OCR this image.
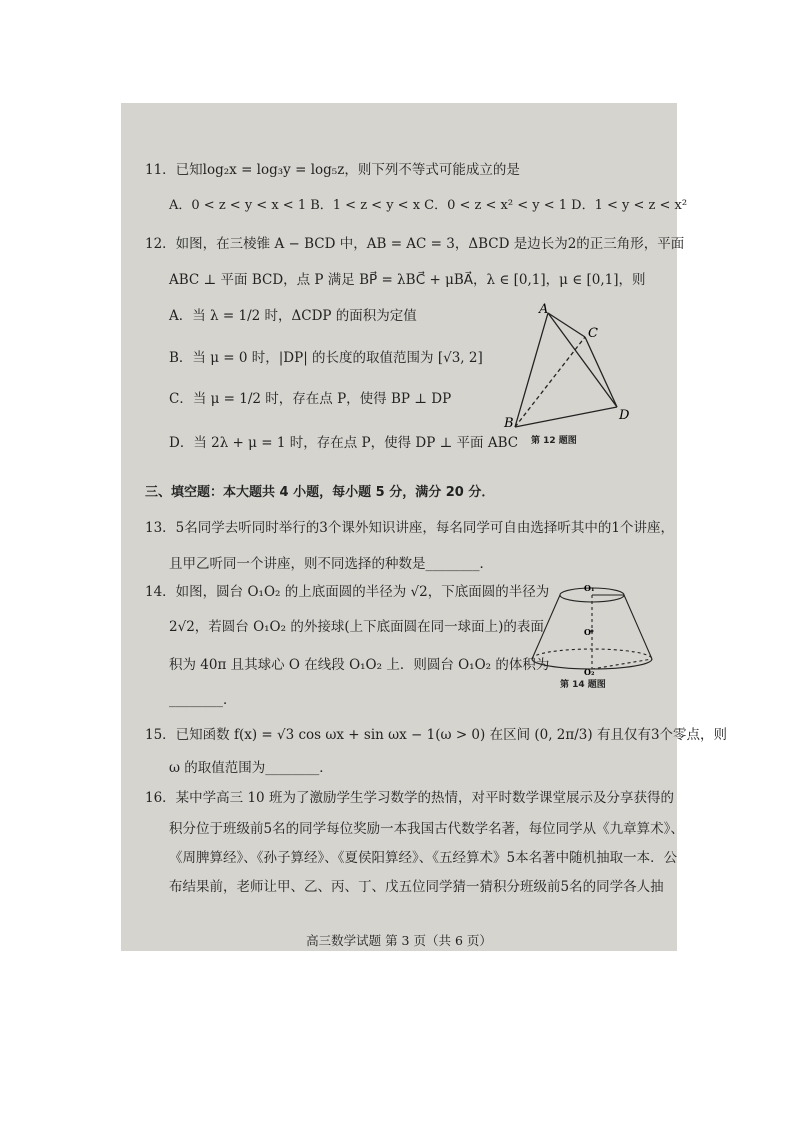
11．已知log₂x = log₃y = log₅z，则下列不等式可能成立的是
A．0 < z < y < x < 1 B．1 < z < y < x C．0 < z < x² < y < 1 D．1 < y < z < x²
12．如图，在三棱锥 A − BCD 中，AB = AC = 3，ΔBCD 是边长为2的正三角形，平面
ABC ⊥ 平面 BCD，点 P 满足 BP⃗ = λBC⃗ + μBA⃗，λ ∈ [0,1]，μ ∈ [0,1]，则
A．当 λ = 1/2 时，ΔCDP 的面积为定值
B．当 μ = 0 时，|DP| 的长度的取值范围为 [√3, 2]
C．当 μ = 1/2 时，存在点 P，使得 BP ⊥ DP
D．当 2λ + μ = 1 时，存在点 P，使得 DP ⊥ 平面 ABC
A
C
D
B
第 12 题图
三、填空题：本大题共 4 小题，每小题 5 分，满分 20 分．
13．5名同学去听同时举行的3个课外知识讲座，每名同学可自由选择听其中的1个讲座，
且甲乙听同一个讲座，则不同选择的种数是________．
14．如图，圆台 O₁O₂ 的上底面圆的半径为 √2，下底面圆的半径为
2√2，若圆台 O₁O₂ 的外接球(上下底面圆在同一球面上)的表面
积为 40π 且其球心 O 在线段 O₁O₂ 上．则圆台 O₁O₂ 的体积为
________．
O₁
O
O₂
第 14 题图
15．已知函数 f(x) = √3 cos ωx + sin ωx − 1(ω > 0) 在区间 (0, 2π/3) 有且仅有3个零点，则
ω 的取值范围为________．
16．某中学高三 10 班为了激励学生学习数学的热情，对平时数学课堂展示及分享获得的
积分位于班级前5名的同学每位奖励一本我国古代数学名著，每位同学从《九章算术》、
《周脾算经》、《孙子算经》、《夏侯阳算经》、《五经算术》5本名著中随机抽取一本．公
布结果前，老师让甲、乙、丙、丁、戊五位同学猜一猜积分班级前5名的同学各人抽
高三数学试题 第 3 页（共 6 页）
